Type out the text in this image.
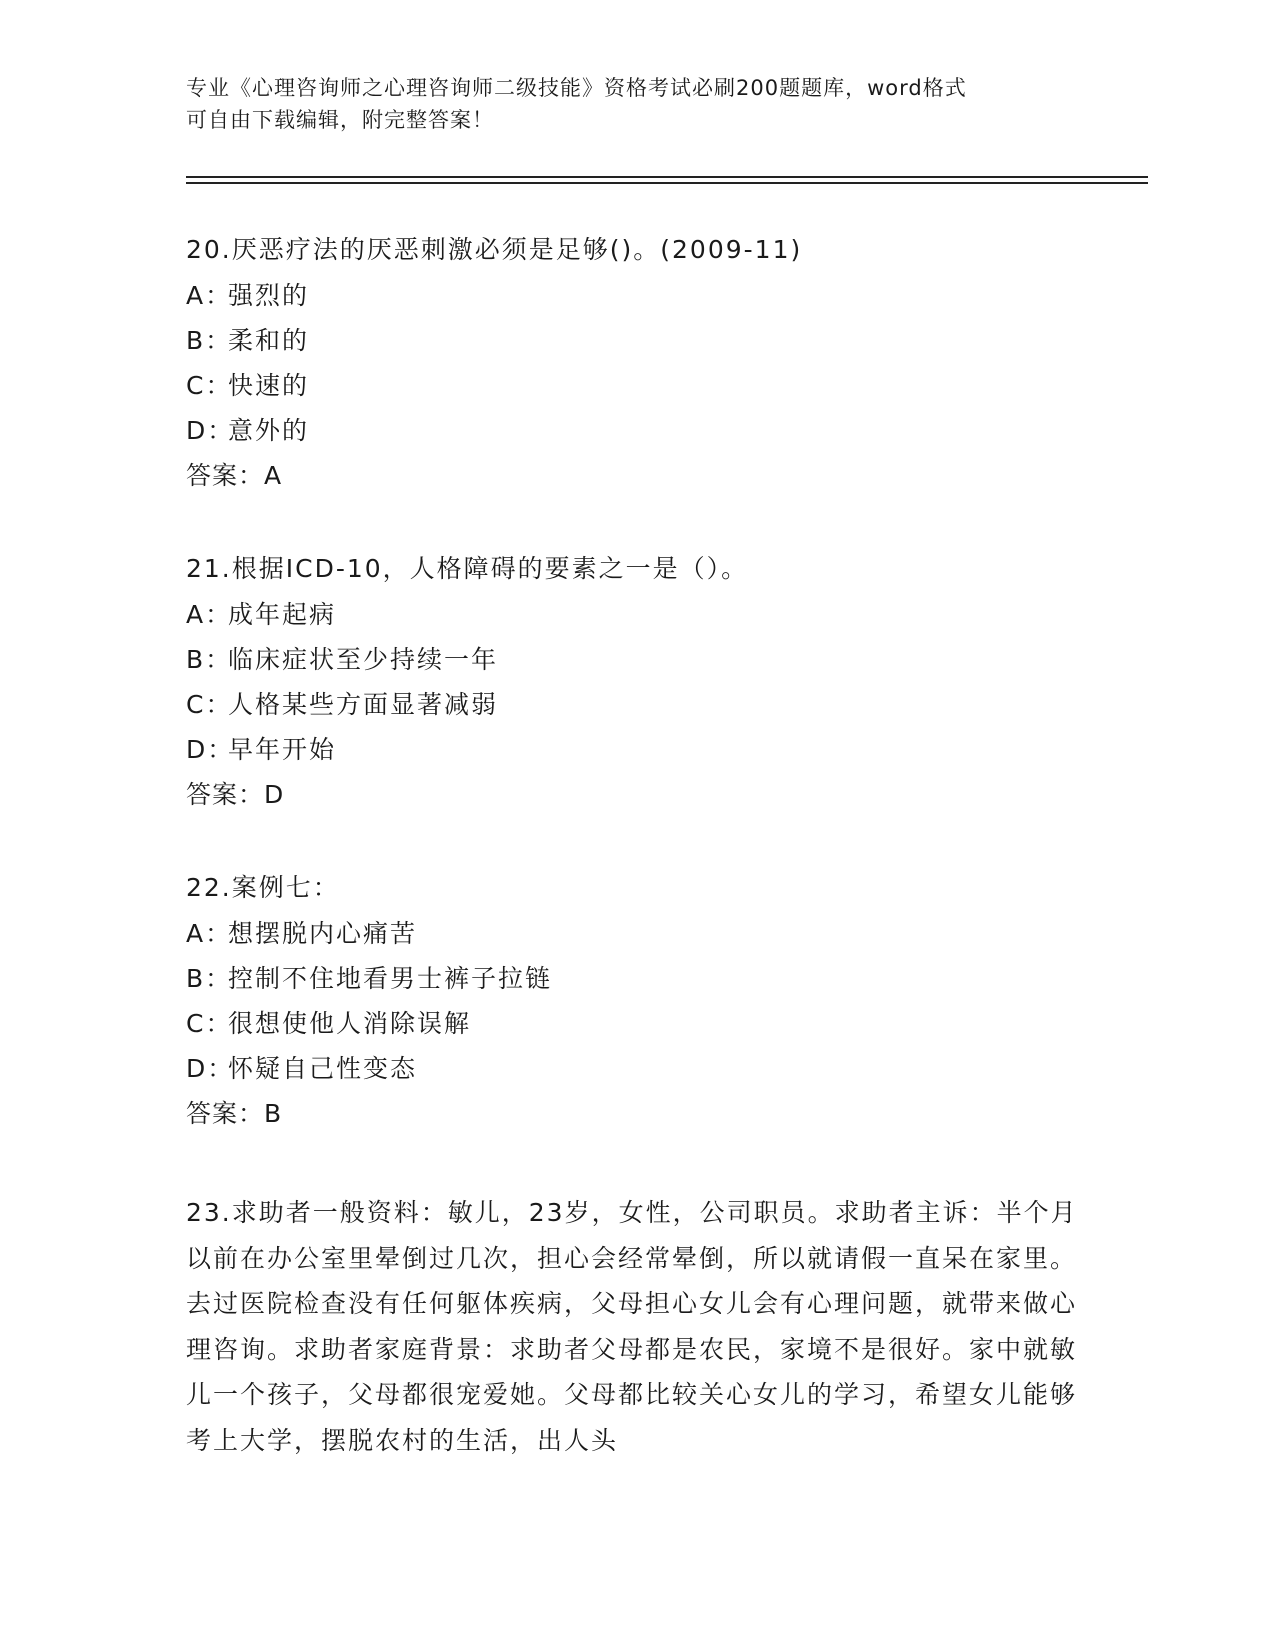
专业《心理咨询师之心理咨询师二级技能》资格考试必刷200题题库，word格式
可自由下载编辑，附完整答案！
20.厌恶疗法的厌恶刺激必须是足够()。(2009-11)
A：强烈的
B：柔和的
C：快速的
D：意外的
答案：A
21.根据ICD-10，人格障碍的要素之一是（）。
A：成年起病
B：临床症状至少持续一年
C：人格某些方面显著减弱
D：早年开始
答案：D
22.案例七：
A：想摆脱内心痛苦
B：控制不住地看男士裤子拉链
C：很想使他人消除误解
D：怀疑自己性变态
答案：B
23.求助者一般资料：敏儿，23岁，女性，公司职员。求助者主诉：半个月以前在办公室里晕倒过几次，担心会经常晕倒，所以就请假一直呆在家里。去过医院检查没有任何躯体疾病，父母担心女儿会有心理问题，就带来做心理咨询。求助者家庭背景：求助者父母都是农民，家境不是很好。家中就敏儿一个孩子，父母都很宠爱她。父母都比较关心女儿的学习，希望女儿能够考上大学，摆脱农村的生活，出人头
